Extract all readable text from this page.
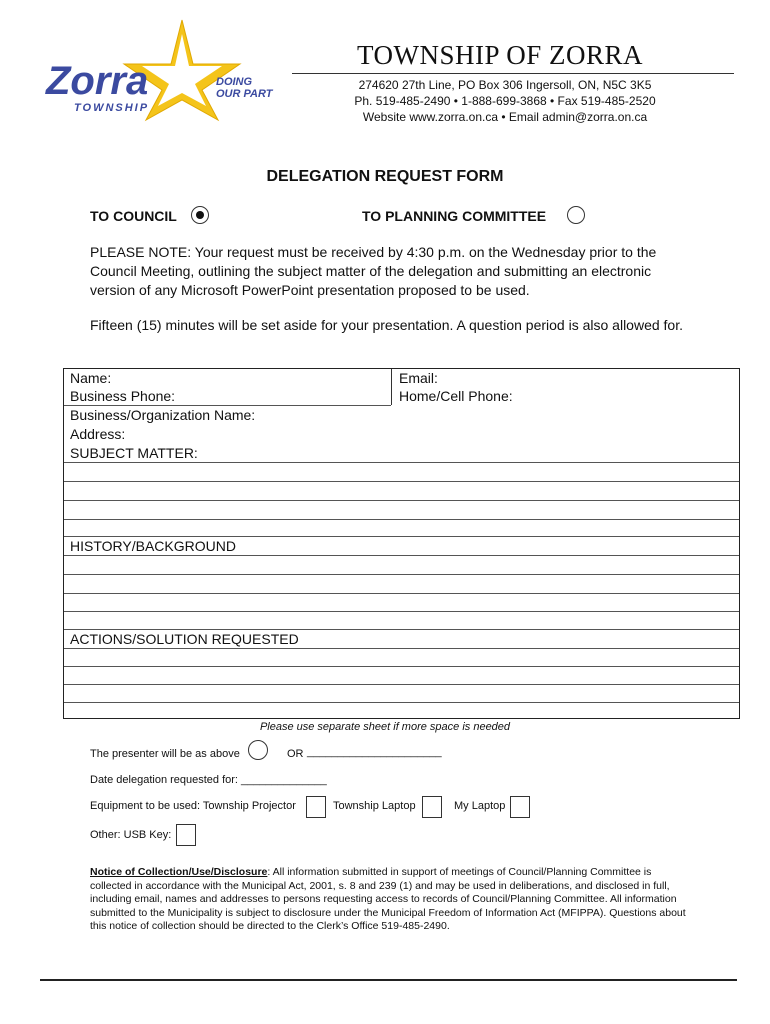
Zorra
TOWNSHIP
DOING
OUR PART
TOWNSHIP OF ZORRA
274620 27th Line, PO Box 306 Ingersoll, ON, N5C 3K5
Ph. 519-485-2490 • 1-888-699-3868 • Fax 519-485-2520
Website www.zorra.on.ca • Email admin@zorra.on.ca
DELEGATION REQUEST FORM
TO COUNCIL	TO PLANNING COMMITTEE
PLEASE NOTE: Your request must be received by 4:30 p.m. on the Wednesday prior to the Council Meeting, outlining the subject matter of the delegation and submitting an electronic version of any Microsoft PowerPoint presentation proposed to be used.
Fifteen (15) minutes will be set aside for your presentation. A question period is also allowed for.
Name:	Email:
Business Phone:	Home/Cell Phone:
Business/Organization Name:
Address:
SUBJECT MATTER:
HISTORY/BACKGROUND
ACTIONS/SOLUTION REQUESTED
Please use separate sheet if more space is needed
The presenter will be as above	OR ______________________
Date delegation requested for: ______________
Equipment to be used: Township Projector	Township Laptop	My Laptop
Other: USB Key:
Notice of Collection/Use/Disclosure: All information submitted in support of meetings of Council/Planning Committee is collected in accordance with the Municipal Act, 2001, s. 8 and 239 (1) and may be used in deliberations, and disclosed in full, including email, names and addresses to persons requesting access to records of Council/Planning Committee. All information submitted to the Municipality is subject to disclosure under the Municipal Freedom of Information Act (MFIPPA). Questions about this notice of collection should be directed to the Clerk’s Office 519-485-2490.
